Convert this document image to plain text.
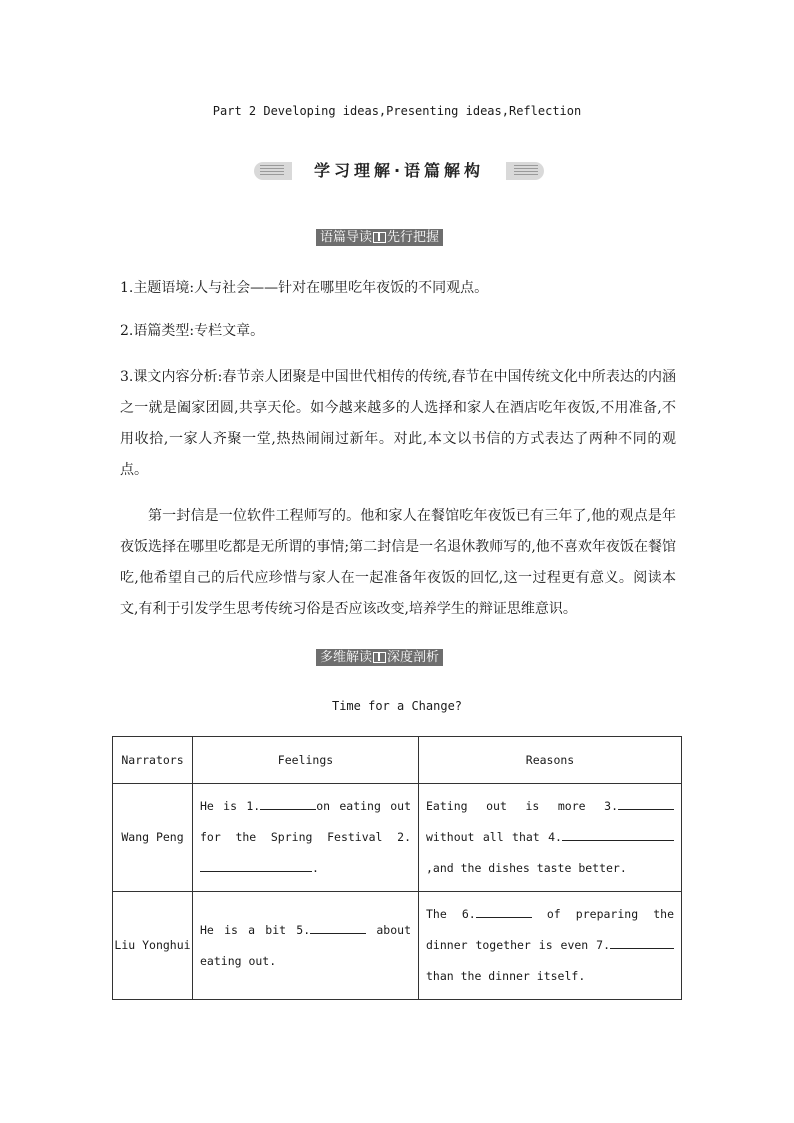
Part 2 Developing ideas,Presenting ideas,Reflection
学习理解·语篇解构
语篇导读 先行把握
1.主题语境:人与社会——针对在哪里吃年夜饭的不同观点。
2.语篇类型:专栏文章。
3.课文内容分析:春节亲人团聚是中国世代相传的传统,春节在中国传统文化中所表达的内涵之一就是阖家团圆,共享天伦。如今越来越多的人选择和家人在酒店吃年夜饭,不用准备,不用收拾,一家人齐聚一堂,热热闹闹过新年。对此,本文以书信的方式表达了两种不同的观点。
第一封信是一位软件工程师写的。他和家人在餐馆吃年夜饭已有三年了,他的观点是年夜饭选择在哪里吃都是无所谓的事情;第二封信是一名退休教师写的,他不喜欢年夜饭在餐馆吃,他希望自己的后代应珍惜与家人在一起准备年夜饭的回忆,这一过程更有意义。阅读本文,有利于引发学生思考传统习俗是否应该改变,培养学生的辩证思维意识。
多维解读 深度剖析
Time for a Change?
Narrators	Feelings	Reasons
Wang Peng	He is 1. on eating out for the Spring Festival 2..	Eating out is more 3. without all that 4.,and the dishes taste better.
Liu Yonghui	He is a bit 5. about eating out.	The 6. of preparing the dinner together is even 7. than the dinner itself.
